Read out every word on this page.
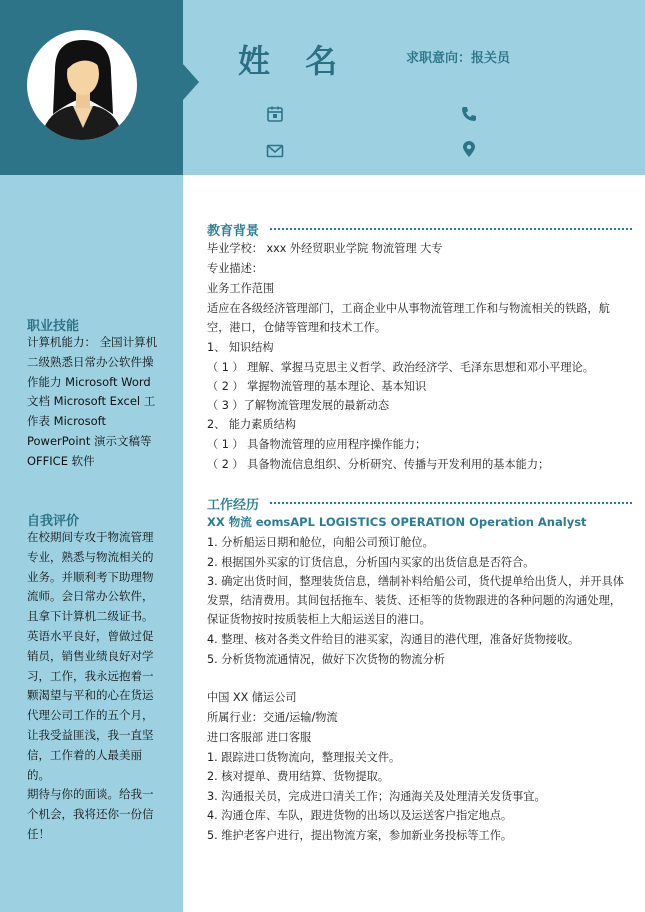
姓 名	求职意向：报关员
职业技能
计算机能力： 全国计算机二级熟悉日常办公软件操作能力 Microsoft Word 文档 Microsoft Excel 工作表 Microsoft PowerPoint 演示文稿等 OFFICE 软件
自我评价
在校期间专攻于物流管理专业，熟悉与物流相关的业务。并顺利考下助理物流师。会日常办公软件，且拿下计算机二级证书。英语水平良好，曾做过促销员，销售业绩良好对学习，工作，我永远抱着一颗渴望与平和的心在货运代理公司工作的五个月，让我受益匪浅，我一直坚信，工作着的人最美丽的。
期待与你的面谈。给我一个机会，我将还你一份信任！
教育背景
毕业学校： xxx 外经贸职业学院 物流管理 大专
专业描述：
业务工作范围
适应在各级经济管理部门，工商企业中从事物流管理工作和与物流相关的铁路，航空，港口，仓储等管理和技术工作。
1、 知识结构
（ 1 ） 理解、掌握马克思主义哲学、政治经济学、毛泽东思想和邓小平理论。
（ 2 ） 掌握物流管理的基本理论、基本知识
（ 3 ）了解物流管理发展的最新动态
2、 能力素质结构
（ 1 ） 具备物流管理的应用程序操作能力；
（ 2 ） 具备物流信息组织、分析研究、传播与开发利用的基本能力；
工作经历
XX 物流 eomsAPL LOGISTICS OPERATION Operation Analyst
1. 分析船运日期和舱位，向船公司预订舱位。
2. 根据国外买家的订货信息，分析国内买家的出货信息是否符合。
3. 确定出货时间，整理装货信息，缮制补料给船公司，货代提单给出货人，并开具体发票，结清费用。其间包括拖车、装货、还柜等的货物跟进的各种问题的沟通处理，保证货物按时按质装柜上大船运送目的港口。
4. 整理、核对各类文件给目的港买家，沟通目的港代理，准备好货物接收。
5. 分析货物流通情况，做好下次货物的物流分析
中国 XX 储运公司
所属行业：交通/运输/物流
进口客服部 进口客服
1. 跟踪进口货物流向，整理报关文件。
2. 核对提单、费用结算、货物提取。
3. 沟通报关员，完成进口清关工作；沟通海关及处理清关发货事宜。
4. 沟通仓库、车队，跟进货物的出场以及运送客户指定地点。
5. 维护老客户进行，提出物流方案，参加新业务投标等工作。
